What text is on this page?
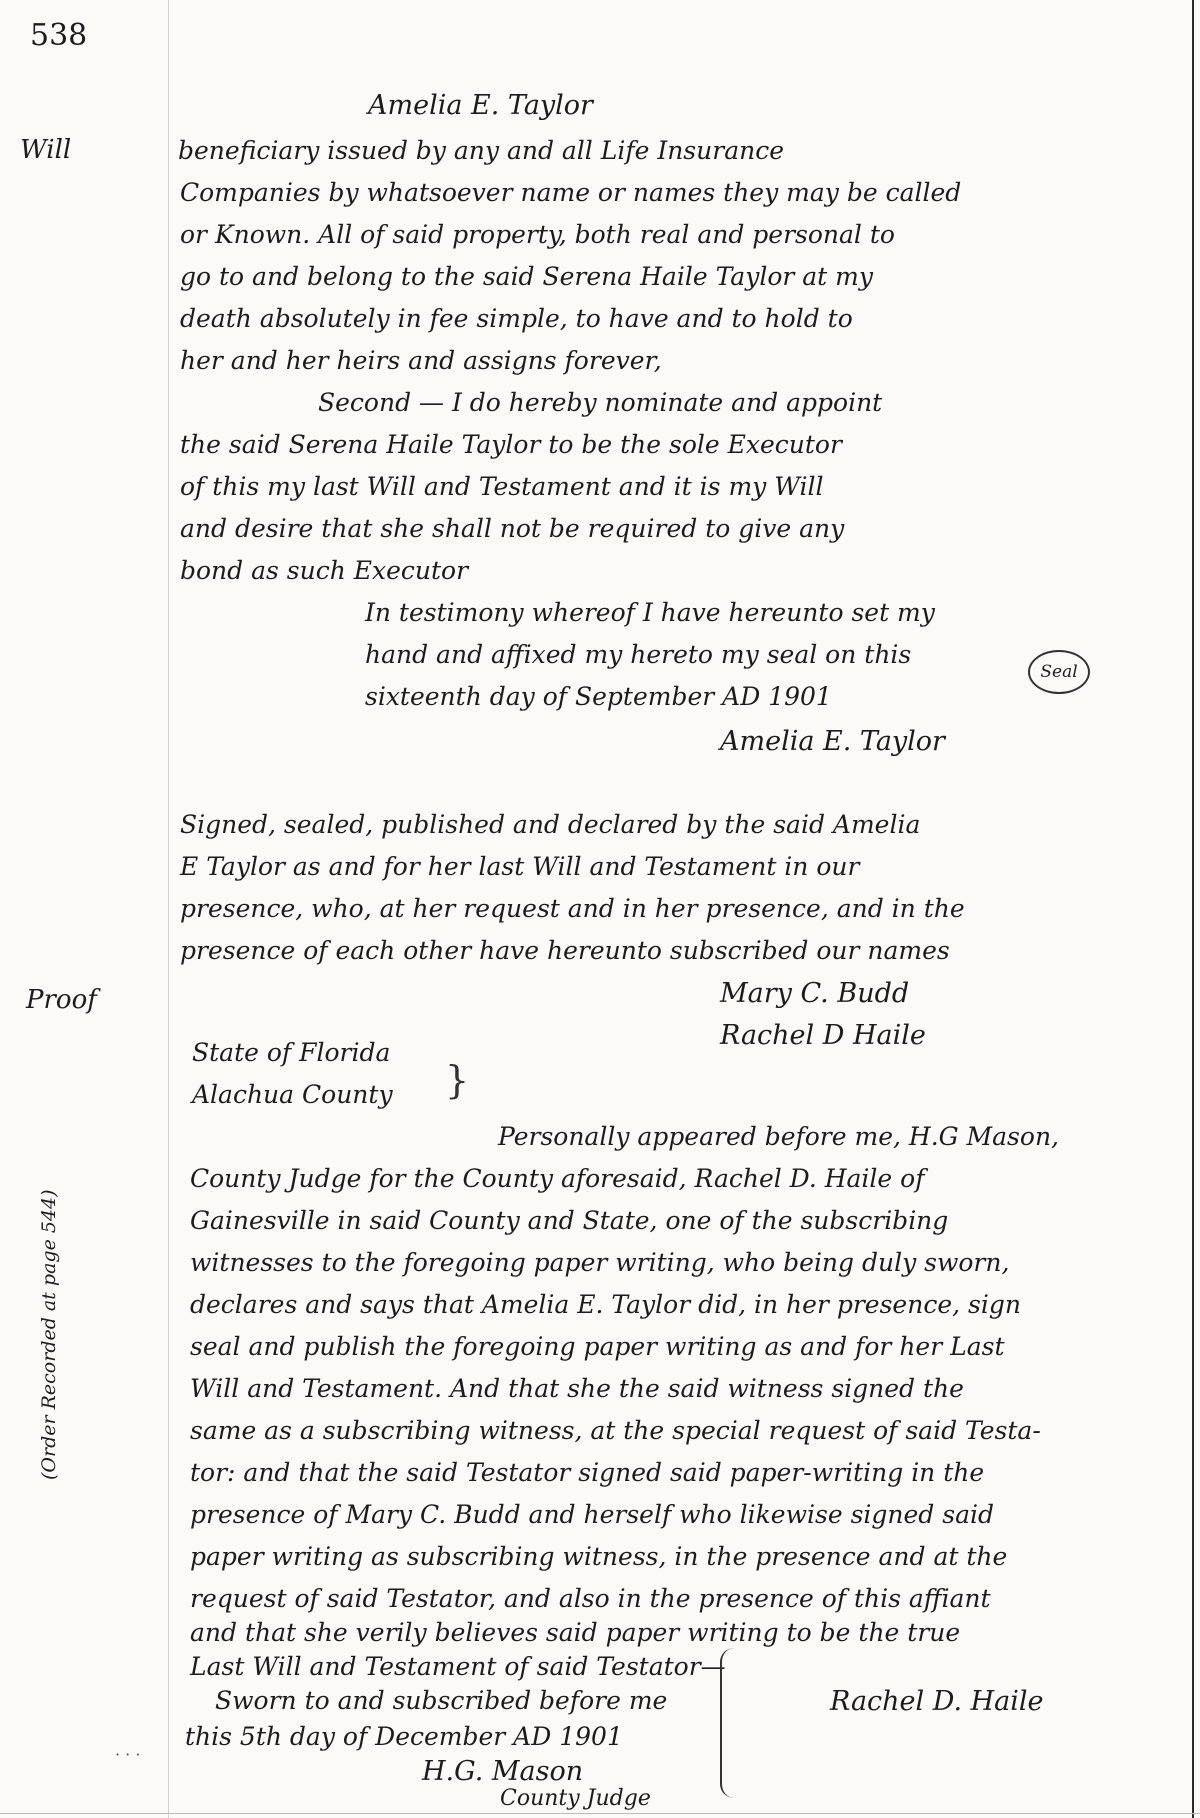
538
Will
Proof
(Order Recorded at page 544)
Amelia E. Taylor
beneficiary issued by any and all Life Insurance
Companies by whatsoever name or names they may be called
or Known. All of said property, both real and personal to
go to and belong to the said Serena Haile Taylor at my
death absolutely in fee simple, to have and to hold to
her and her heirs and assigns forever,
Second — I do hereby nominate and appoint
the said Serena Haile Taylor to be the sole Executor
of this my last Will and Testament and it is my Will
and desire that she shall not be required to give any
bond as such Executor
In testimony whereof I have hereunto set my
hand and affixed my hereto my seal on this
sixteenth day of September AD 1901
Amelia E. Taylor
Seal
Signed, sealed, published and declared by the said Amelia
E Taylor as and for her last Will and Testament in our
presence, who, at her request and in her presence, and in the
presence of each other have hereunto subscribed our names
Mary C. Budd
Rachel D Haile
State of Florida
Alachua County }
Personally appeared before me, H.G Mason,
County Judge for the County aforesaid, Rachel D. Haile of
Gainesville in said County and State, one of the subscribing
witnesses to the foregoing paper writing, who being duly sworn,
declares and says that Amelia E. Taylor did, in her presence, sign
seal and publish the foregoing paper writing as and for her Last
Will and Testament. And that she the said witness signed the
same as a subscribing witness, at the special request of said Testa-
tor: and that the said Testator signed said paper-writing in the
presence of Mary C. Budd and herself who likewise signed said
paper writing as subscribing witness, in the presence and at the
request of said Testator, and also in the presence of this affiant
and that she verily believes said paper writing to be the true
Last Will and Testament of said Testator—
Sworn to and subscribed before me	Rachel D. Haile
this 5th day of December AD 1901
H.G. Mason
County Judge
· · ·
